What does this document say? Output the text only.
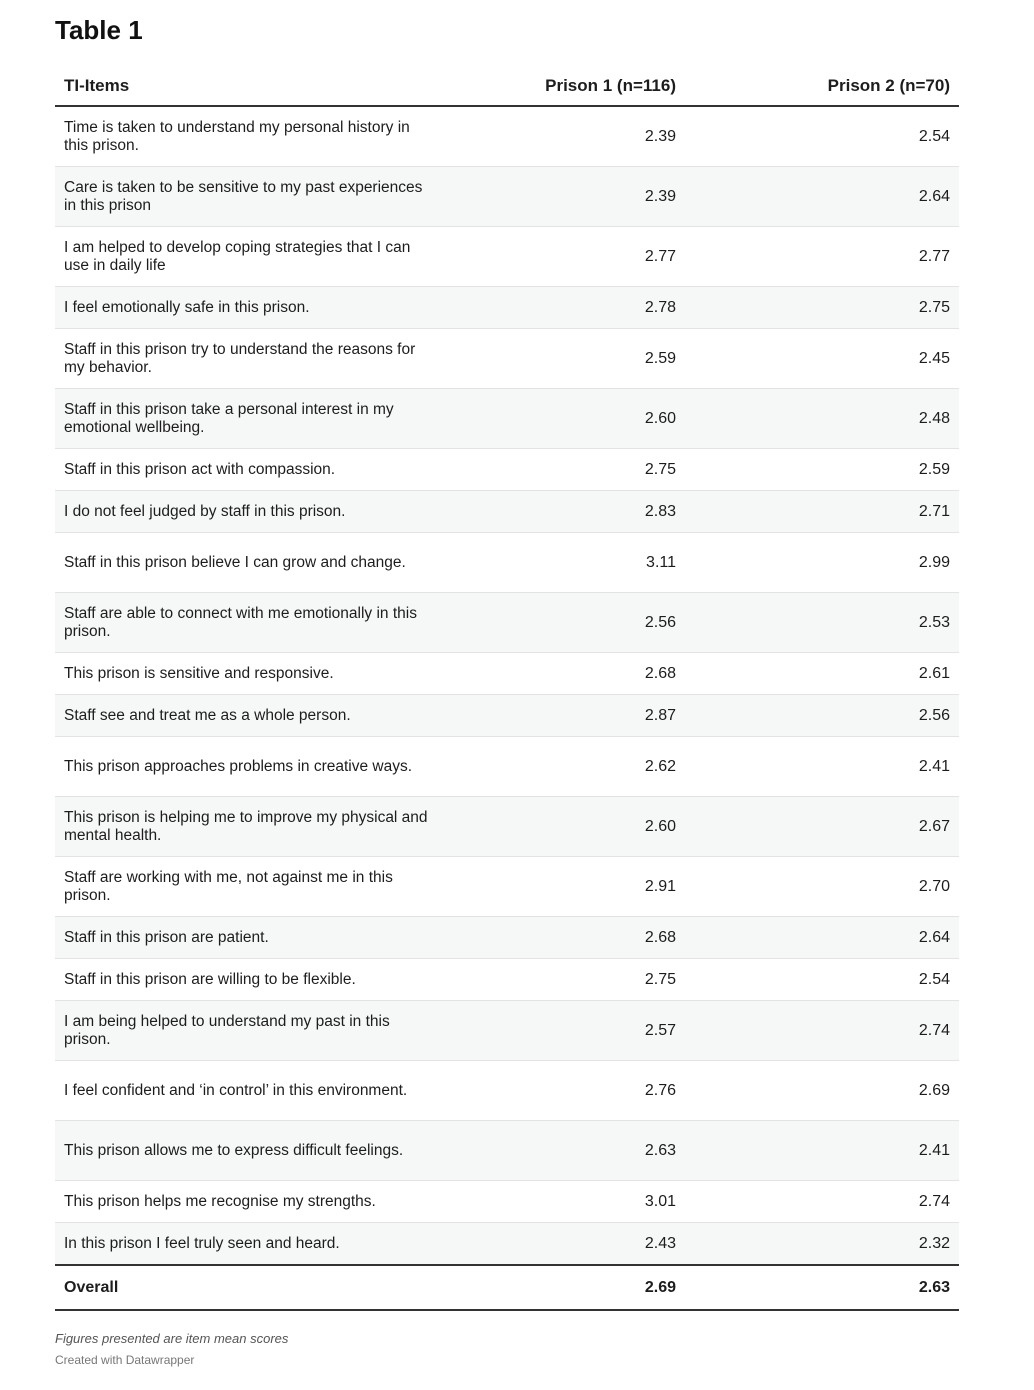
Table 1
TI-Items	Prison 1 (n=116)	Prison 2 (n=70)
Time is taken to understand my personal history in this prison.	2.39	2.54
Care is taken to be sensitive to my past experiences in this prison	2.39	2.64
I am helped to develop coping strategies that I can use in daily life	2.77	2.77
I feel emotionally safe in this prison.	2.78	2.75
Staff in this prison try to understand the reasons for my behavior.	2.59	2.45
Staff in this prison take a personal interest in my emotional wellbeing.	2.60	2.48
Staff in this prison act with compassion.	2.75	2.59
I do not feel judged by staff in this prison.	2.83	2.71
Staff in this prison believe I can grow and change.	3.11	2.99
Staff are able to connect with me emotionally in this prison.	2.56	2.53
This prison is sensitive and responsive.	2.68	2.61
Staff see and treat me as a whole person.	2.87	2.56
This prison approaches problems in creative ways.	2.62	2.41
This prison is helping me to improve my physical and mental health.	2.60	2.67
Staff are working with me, not against me in this prison.	2.91	2.70
Staff in this prison are patient.	2.68	2.64
Staff in this prison are willing to be flexible.	2.75	2.54
I am being helped to understand my past in this prison.	2.57	2.74
I feel confident and ‘in control’ in this environment.	2.76	2.69
This prison allows me to express difficult feelings.	2.63	2.41
This prison helps me recognise my strengths.	3.01	2.74
In this prison I feel truly seen and heard.	2.43	2.32
Overall	2.69	2.63
Figures presented are item mean scores
Created with Datawrapper
